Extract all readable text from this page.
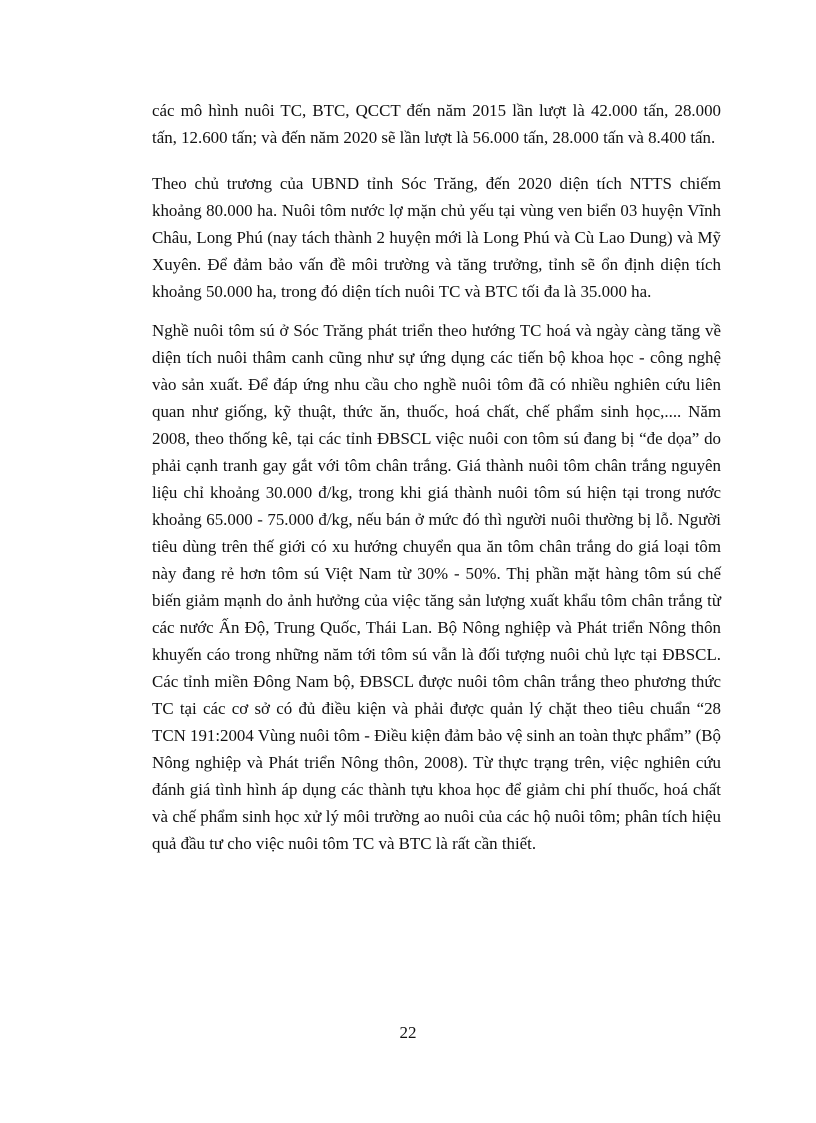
các mô hình nuôi TC, BTC, QCCT đến năm 2015 lần lượt là 42.000 tấn, 28.000 tấn, 12.600 tấn; và đến năm 2020 sẽ lần lượt là 56.000 tấn, 28.000 tấn và 8.400 tấn.

Theo chủ trương của UBND tỉnh Sóc Trăng, đến 2020 diện tích NTTS chiếm khoảng 80.000 ha. Nuôi tôm nước lợ mặn chủ yếu tại vùng ven biển 03 huyện Vĩnh Châu, Long Phú (nay tách thành 2 huyện mới là Long Phú và Cù Lao Dung) và Mỹ Xuyên. Để đảm bảo vấn đề môi trường và tăng trưởng, tỉnh sẽ ổn định diện tích khoảng 50.000 ha, trong đó diện tích nuôi TC và BTC tối đa là 35.000 ha.

Nghề nuôi tôm sú ở Sóc Trăng phát triển theo hướng TC hoá và ngày càng tăng về diện tích nuôi thâm canh cũng như sự ứng dụng các tiến bộ khoa học - công nghệ vào sản xuất. Để đáp ứng nhu cầu cho nghề nuôi tôm đã có nhiều nghiên cứu liên quan như giống, kỹ thuật, thức ăn, thuốc, hoá chất, chế phẩm sinh học,.... Năm 2008, theo thống kê, tại các tỉnh ĐBSCL việc nuôi con tôm sú đang bị “đe dọa” do phải cạnh tranh gay gắt với tôm chân trắng. Giá thành nuôi tôm chân trắng nguyên liệu chỉ khoảng 30.000 đ/kg, trong khi giá thành nuôi tôm sú hiện tại trong nước khoảng 65.000 - 75.000 đ/kg, nếu bán ở mức đó thì người nuôi thường bị lỗ. Người tiêu dùng trên thế giới có xu hướng chuyển qua ăn tôm chân trắng do giá loại tôm này đang rẻ hơn tôm sú Việt Nam từ 30% - 50%. Thị phần mặt hàng tôm sú chế biến giảm mạnh do ảnh hưởng của việc tăng sản lượng xuất khẩu tôm chân trắng từ các nước Ấn Độ, Trung Quốc, Thái Lan. Bộ Nông nghiệp và Phát triển Nông thôn khuyến cáo trong những năm tới tôm sú vẫn là đối tượng nuôi chủ lực tại ĐBSCL. Các tỉnh miền Đông Nam bộ, ĐBSCL được nuôi tôm chân trắng theo phương thức TC tại các cơ sở có đủ điều kiện và phải được quản lý chặt theo tiêu chuẩn “28 TCN 191:2004 Vùng nuôi tôm - Điều kiện đảm bảo vệ sinh an toàn thực phẩm” (Bộ Nông nghiệp và Phát triển Nông thôn, 2008). Từ thực trạng trên, việc nghiên cứu đánh giá tình hình áp dụng các thành tựu khoa học để giảm chi phí thuốc, hoá chất và chế phẩm sinh học xử lý môi trường ao nuôi của các hộ nuôi tôm; phân tích hiệu quả đầu tư cho việc nuôi tôm TC và BTC là rất cần thiết.

22
